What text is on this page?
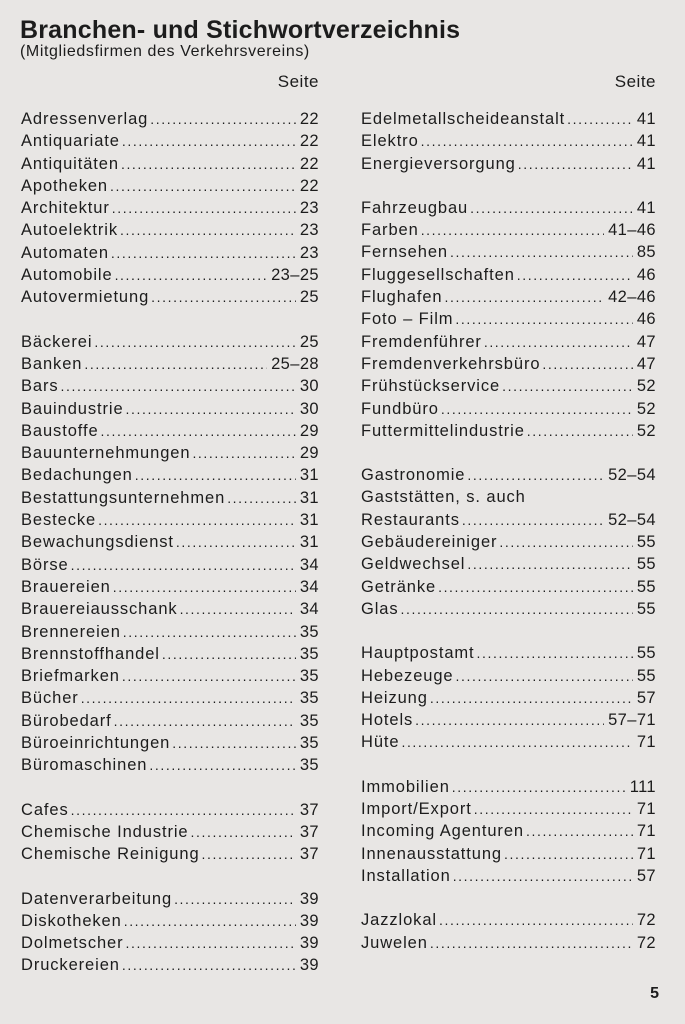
Branchen- und Stichwortverzeichnis
(Mitgliedsfirmen des Verkehrsvereins)
Seite
Adressenverlag .....	22
Antiquariate .....	22
Antiquitäten .....	22
Apotheken .....	22
Architektur .....	23
Autoelektrik .....	23
Automaten .....	23
Automobile .....	23–25
Autovermietung .....	25
Bäckerei .....	25
Banken .....	25–28
Bars .....	30
Bauindustrie .....	30
Baustoffe .....	29
Bauunternehmungen .....	29
Bedachungen .....	31
Bestattungsunternehmen .....	31
Bestecke .....	31
Bewachungsdienst .....	31
Börse .....	34
Brauereien .....	34
Brauereiausschank .....	34
Brennereien .....	35
Brennstoffhandel .....	35
Briefmarken .....	35
Bücher .....	35
Bürobedarf .....	35
Büroeinrichtungen .....	35
Büromaschinen .....	35
Cafes .....	37
Chemische Industrie .....	37
Chemische Reinigung .....	37
Datenverarbeitung .....	39
Diskotheken .....	39
Dolmetscher .....	39
Druckereien .....	39
Seite
Edelmetallscheideanstalt .....	41
Elektro .....	41
Energieversorgung .....	41
Fahrzeugbau .....	41
Farben .....	41–46
Fernsehen .....	85
Fluggesellschaften .....	46
Flughafen .....	42–46
Foto – Film .....	46
Fremdenführer .....	47
Fremdenverkehrsbüro .....	47
Frühstückservice .....	52
Fundbüro .....	52
Futtermittelindustrie .....	52
Gastronomie .....	52–54
Gaststätten, s. auch
Restaurants .....	52–54
Gebäudereiniger .....	55
Geldwechsel .....	55
Getränke .....	55
Glas .....	55
Hauptpostamt .....	55
Hebezeuge .....	55
Heizung .....	57
Hotels .....	57–71
Hüte .....	71
Immobilien .....	111
Import/Export .....	71
Incoming Agenturen .....	71
Innenausstattung .....	71
Installation .....	57
Jazzlokal .....	72
Juwelen .....	72
5
